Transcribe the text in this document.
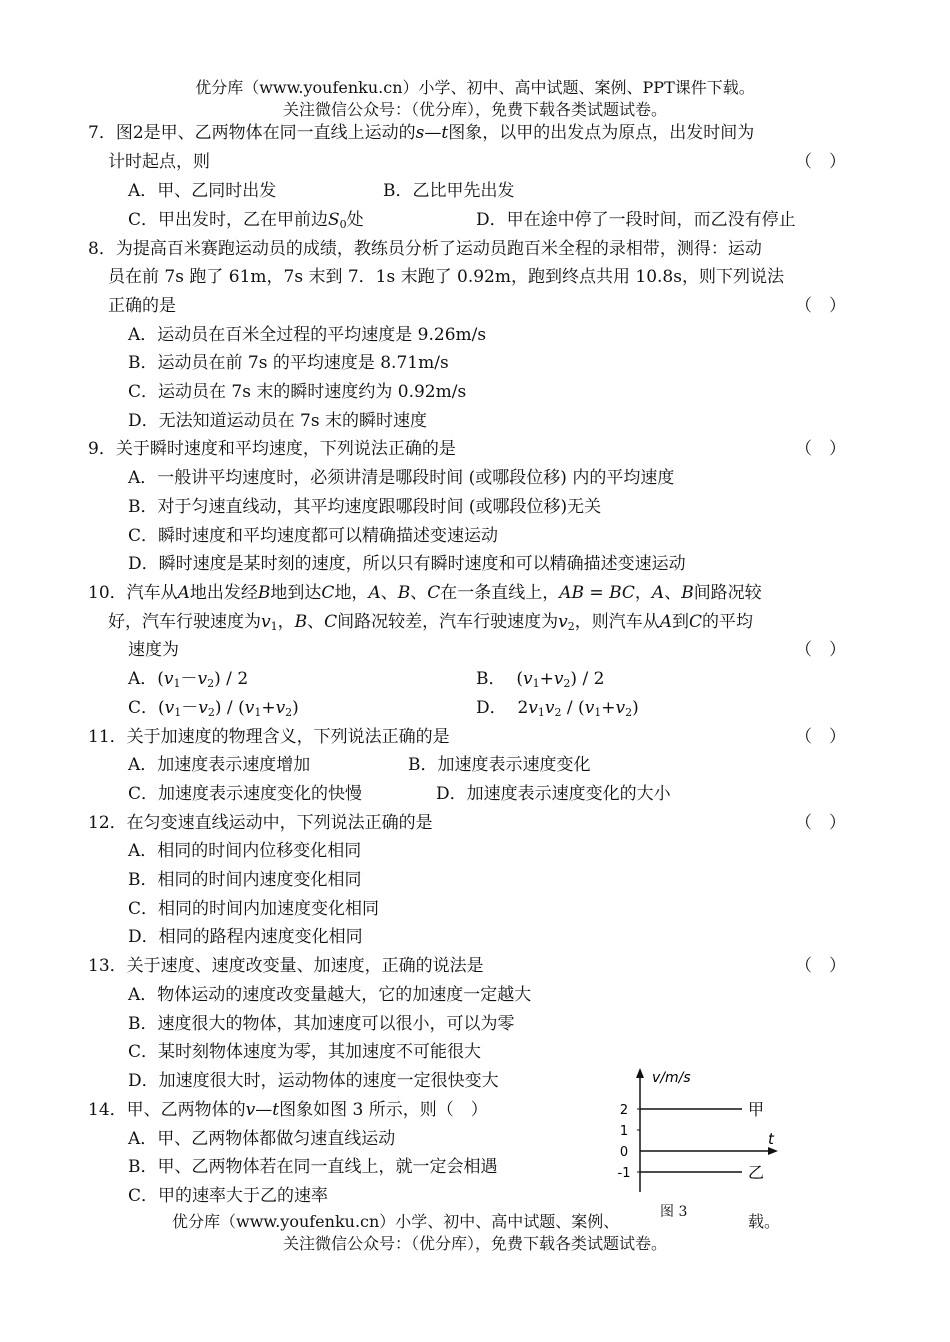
优分库（www.youfenku.cn）小学、初中、高中试题、案例、PPT课件下载。
关注微信公众号：（优分库），免费下载各类试题试卷。
7．图2是甲、乙两物体在同一直线上运动的s—t图象，以甲的出发点为原点，出发时间为
计时起点，则	（　）
A．甲、乙同时出发	B．乙比甲先出发
C．甲出发时，乙在甲前边$S_0$处	D．甲在途中停了一段时间，而乙没有停止
8．为提高百米赛跑运动员的成绩，教练员分析了运动员跑百米全程的录相带，测得：运动
员在前 7s 跑了 61m，7s 末到 7．1s 末跑了 0.92m，跑到终点共用 10.8s，则下列说法
正确的是	（　）
A．运动员在百米全过程的平均速度是 9.26m/s
B．运动员在前 7s 的平均速度是 8.71m/s
C．运动员在 7s 末的瞬时速度约为 0.92m/s
D．无法知道运动员在 7s 末的瞬时速度
9．关于瞬时速度和平均速度，下列说法正确的是	（　）
A．一般讲平均速度时，必须讲清是哪段时间 (或哪段位移) 内的平均速度
B．对于匀速直线动，其平均速度跟哪段时间 (或哪段位移)无关
C．瞬时速度和平均速度都可以精确描述变速运动
D．瞬时速度是某时刻的速度，所以只有瞬时速度和可以精确描述变速运动
10．汽车从A地出发经B地到达C地，A、B、C在一条直线上，AB = BC，A、B间路况较
好，汽车行驶速度为$v_1$，B、C间路况较差，汽车行驶速度为$v_2$，则汽车从A到C的平均
速度为	（　）
A．$(v_1-v_2) / 2$	B． $(v_1+v_2) / 2$
C．$(v_1-v_2) / (v_1+v_2)$	D． $2v_1v_2 / (v_1+v_2)$
11．关于加速度的物理含义，下列说法正确的是	（　）
A．加速度表示速度增加	B．加速度表示速度变化
C．加速度表示速度变化的快慢	D．加速度表示速度变化的大小
12．在匀变速直线运动中，下列说法正确的是	（　）
A．相同的时间内位移变化相同
B．相同的时间内速度变化相同
C．相同的时间内加速度变化相同
D．相同的路程内速度变化相同
13．关于速度、速度改变量、加速度，正确的说法是	（　）
A．物体运动的速度改变量越大，它的加速度一定越大
B．速度很大的物体，其加速度可以很小，可以为零
C．某时刻物体速度为零，其加速度不可能很大
D．加速度很大时，运动物体的速度一定很快变大
14．甲、乙两物体的v—t图象如图 3 所示，则（　）
A．甲、乙两物体都做匀速直线运动
B．甲、乙两物体若在同一直线上，就一定会相遇
C．甲的速率大于乙的速率
v/m/s
t
2
1
0
-1
甲
乙
图 3
优分库（www.youfenku.cn）小学、初中、高中试题、案例、	载。
关注微信公众号：（优分库），免费下载各类试题试卷。
